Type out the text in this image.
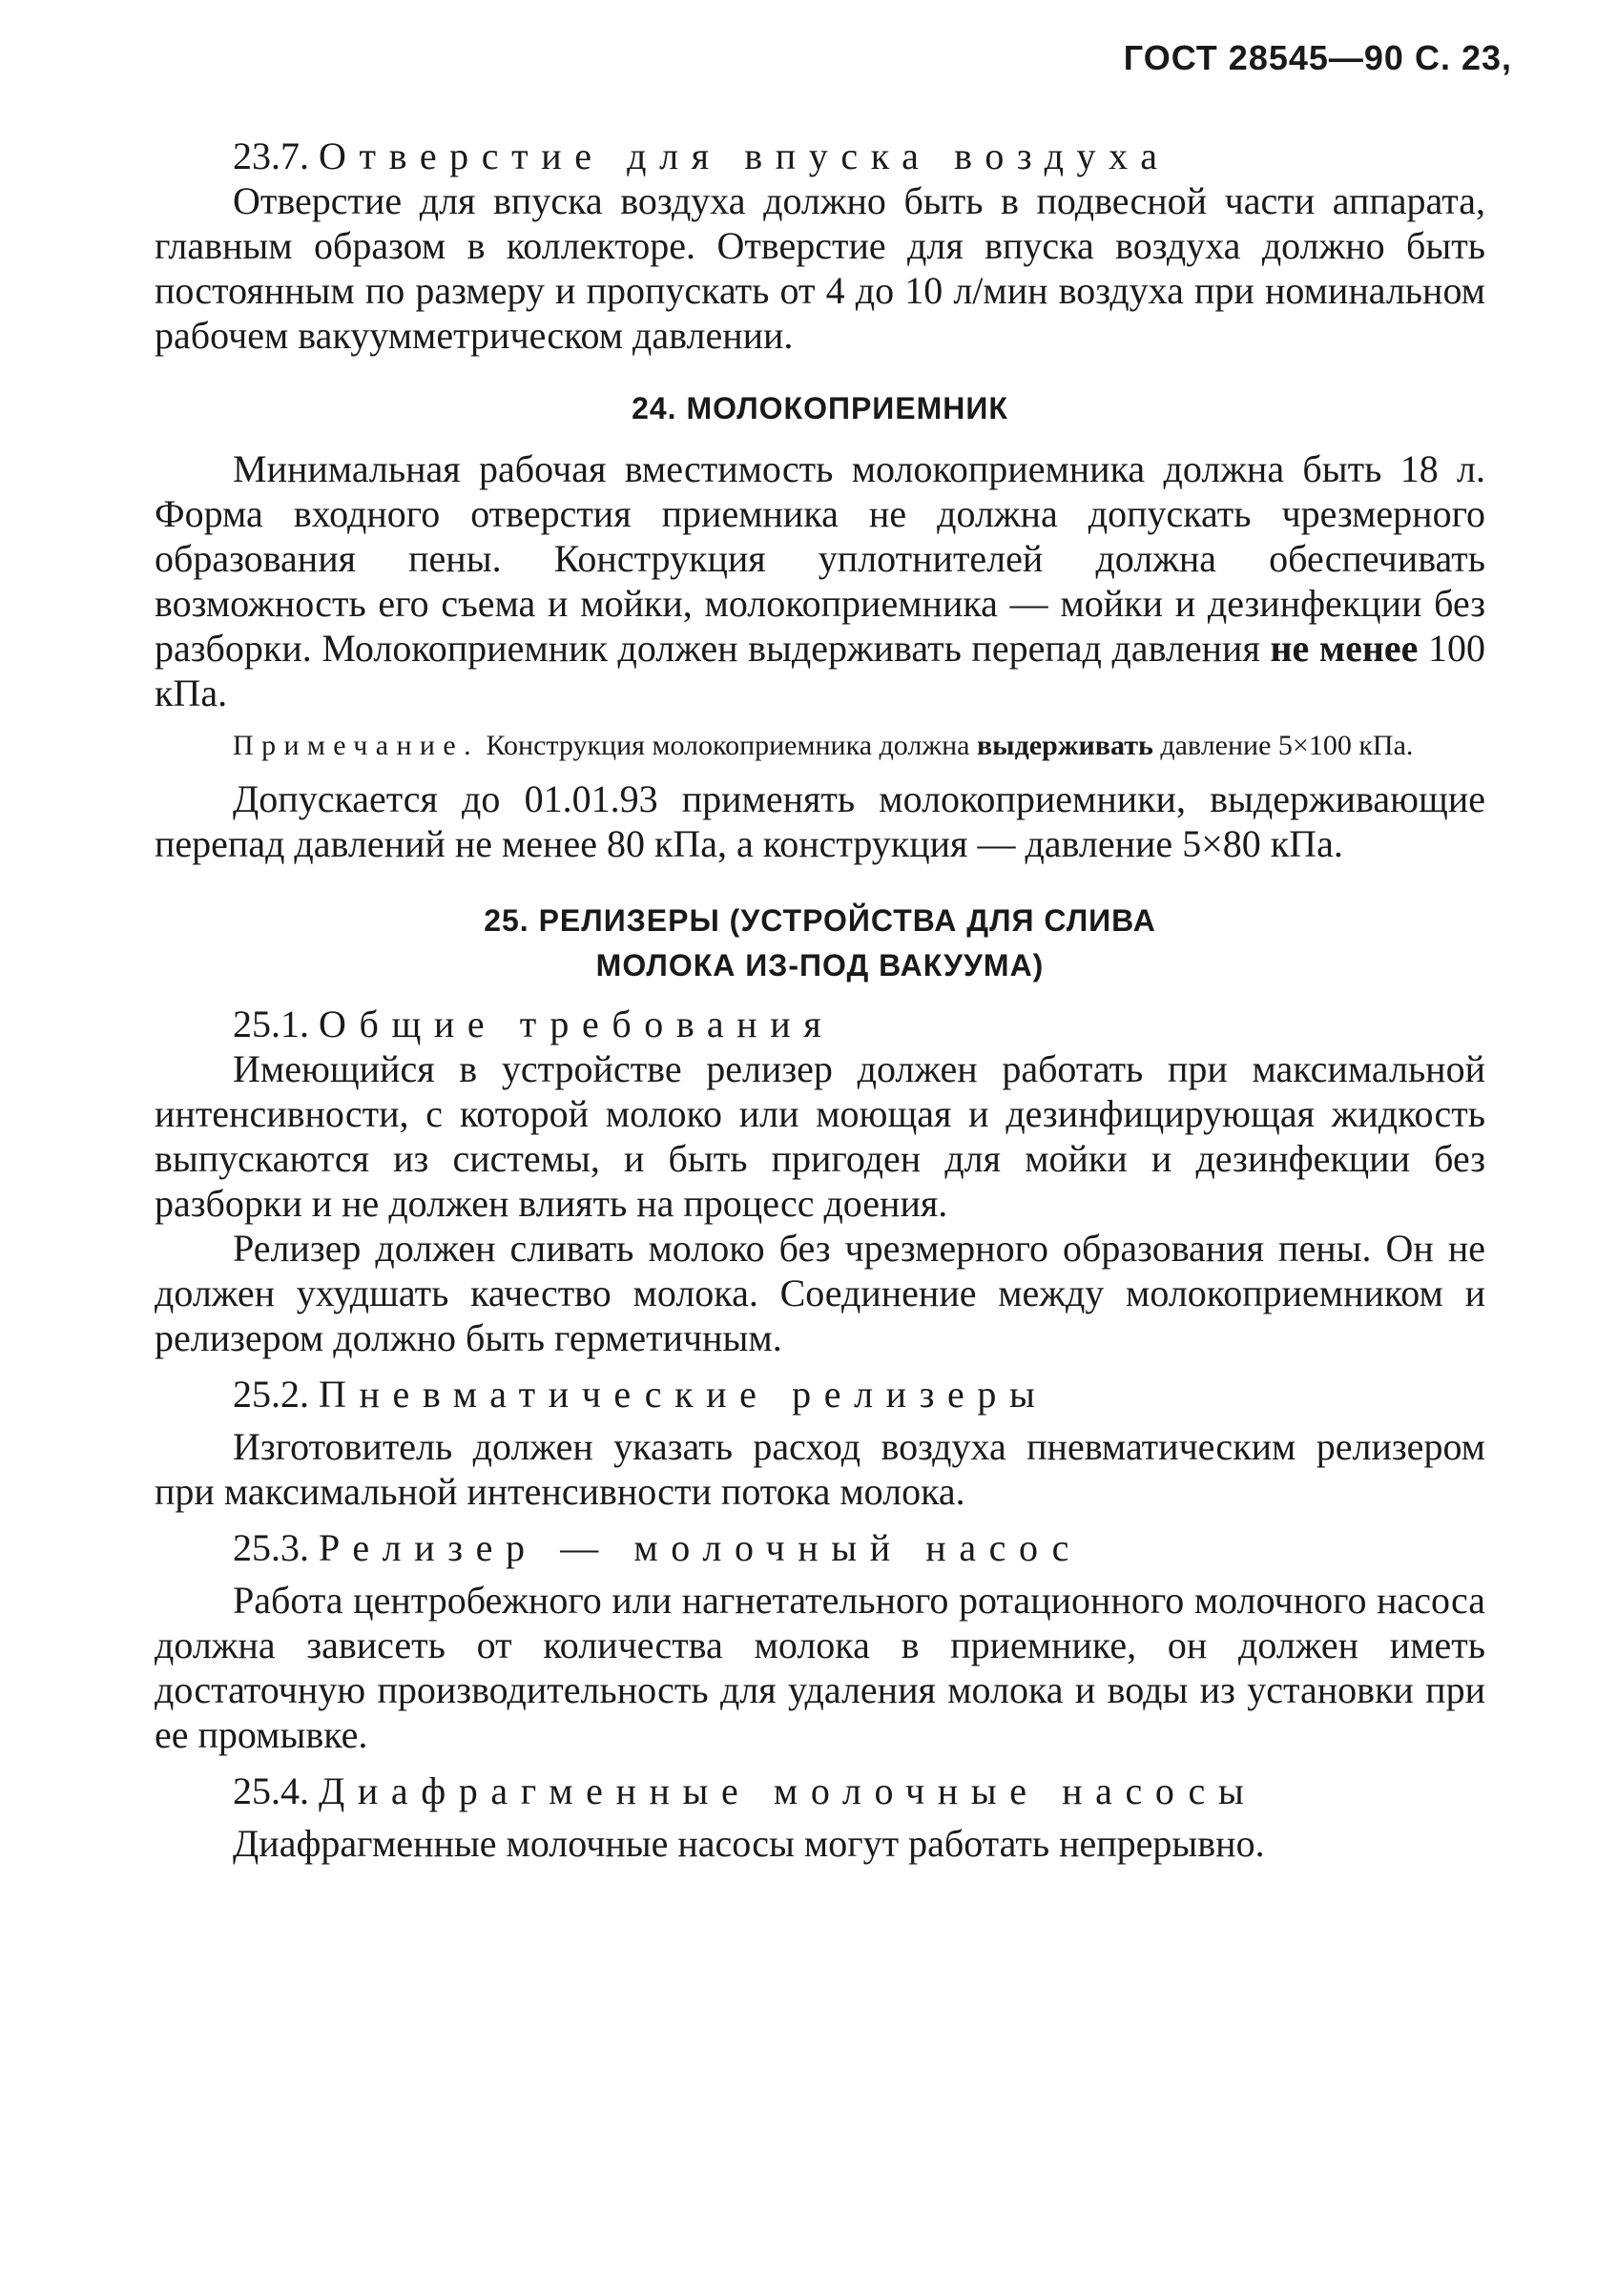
ГОСТ 28545—90 С. 23,
23.7. Отверстие для впуска воздуха

Отверстие для впуска воздуха должно быть в подвесной части аппарата, главным образом в коллекторе. Отверстие для впуска воздуха должно быть постоянным по размеру и пропускать от 4 до 10 л/мин воздуха при номинальном рабочем вакуумметрическом давлении.

24. МОЛОКОПРИЕМНИК

Минимальная рабочая вместимость молокоприемника должна быть 18 л. Форма входного отверстия приемника не должна допускать чрезмерного образования пены. Конструкция уплотнителей должна обеспечивать возможность его съема и мойки, молокоприемника — мойки и дезинфекции без разборки. Молокоприемник должен выдерживать перепад давления не менее 100 кПа.

Примечание. Конструкция молокоприемника должна выдерживать давление 5×100 кПа.

Допускается до 01.01.93 применять молокоприемники, выдерживающие перепад давлений не менее 80 кПа, а конструкция — давление 5×80 кПа.

25. РЕЛИЗЕРЫ (УСТРОЙСТВА ДЛЯ СЛИВА
МОЛОКА ИЗ-ПОД ВАКУУМА)
25.1. Общие требования

Имеющийся в устройстве релизер должен работать при максимальной интенсивности, с которой молоко или моющая и дезинфицирующая жидкость выпускаются из системы, и быть пригоден для мойки и дезинфекции без разборки и не должен влиять на процесс доения.

Релизер должен сливать молоко без чрезмерного образования пены. Он не должен ухудшать качество молока. Соединение между молокоприемником и релизером должно быть герметичным.

25.2. Пневматические релизеры

Изготовитель должен указать расход воздуха пневматическим релизером при максимальной интенсивности потока молока.

25.3. Релизер — молочный насос

Работа центробежного или нагнетательного ротационного молочного насоса должна зависеть от количества молока в приемнике, он должен иметь достаточную производительность для удаления молока и воды из установки при ее промывке.

25.4. Диафрагменные молочные насосы

Диафрагменные молочные насосы могут работать непрерывно.
